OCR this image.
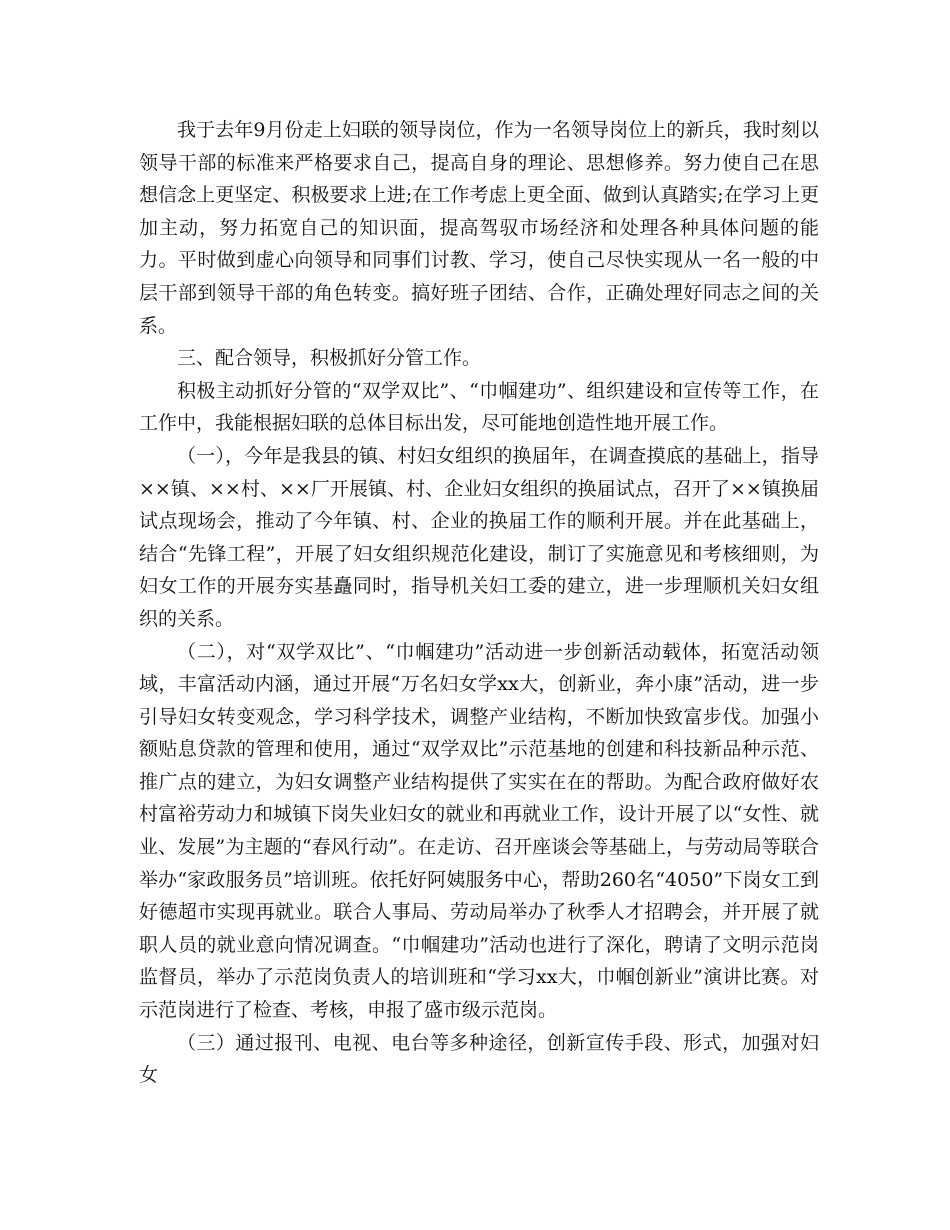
我于去年9月份走上妇联的领导岗位，作为一名领导岗位上的新兵，我时刻以领导干部的标准来严格要求自己，提高自身的理论、思想修养。努力使自己在思想信念上更坚定、积极要求上进;在工作考虑上更全面、做到认真踏实;在学习上更加主动，努力拓宽自己的知识面，提高驾驭市场经济和处理各种具体问题的能力。平时做到虚心向领导和同事们讨教、学习，使自己尽快实现从一名一般的中层干部到领导干部的角色转变。搞好班子团结、合作，正确处理好同志之间的关系。

三、配合领导，积极抓好分管工作。

积极主动抓好分管的“双学双比”、“巾帼建功”、组织建设和宣传等工作，在工作中，我能根据妇联的总体目标出发，尽可能地创造性地开展工作。

（一），今年是我县的镇、村妇女组织的换届年，在调查摸底的基础上，指导××镇、××村、××厂开展镇、村、企业妇女组织的换届试点，召开了××镇换届试点现场会，推动了今年镇、村、企业的换届工作的顺利开展。并在此基础上，结合“先锋工程”，开展了妇女组织规范化建设，制订了实施意见和考核细则，为妇女工作的开展夯实基矗同时，指导机关妇工委的建立，进一步理顺机关妇女组织的关系。

（二），对“双学双比”、“巾帼建功”活动进一步创新活动载体，拓宽活动领域，丰富活动内涵，通过开展“万名妇女学xx大，创新业，奔小康”活动，进一步引导妇女转变观念，学习科学技术，调整产业结构，不断加快致富步伐。加强小额贴息贷款的管理和使用，通过“双学双比”示范基地的创建和科技新品种示范、推广点的建立，为妇女调整产业结构提供了实实在在的帮助。为配合政府做好农村富裕劳动力和城镇下岗失业妇女的就业和再就业工作，设计开展了以“女性、就业、发展”为主题的“春风行动”。在走访、召开座谈会等基础上，与劳动局等联合举办“家政服务员”培训班。依托好阿姨服务中心，帮助260名“4050”下岗女工到好德超市实现再就业。联合人事局、劳动局举办了秋季人才招聘会，并开展了就职人员的就业意向情况调查。“巾帼建功”活动也进行了深化，聘请了文明示范岗监督员，举办了示范岗负责人的培训班和“学习xx大，巾帼创新业”演讲比赛。对示范岗进行了检查、考核，申报了盛市级示范岗。

（三）通过报刊、电视、电台等多种途径，创新宣传手段、形式，加强对妇女
